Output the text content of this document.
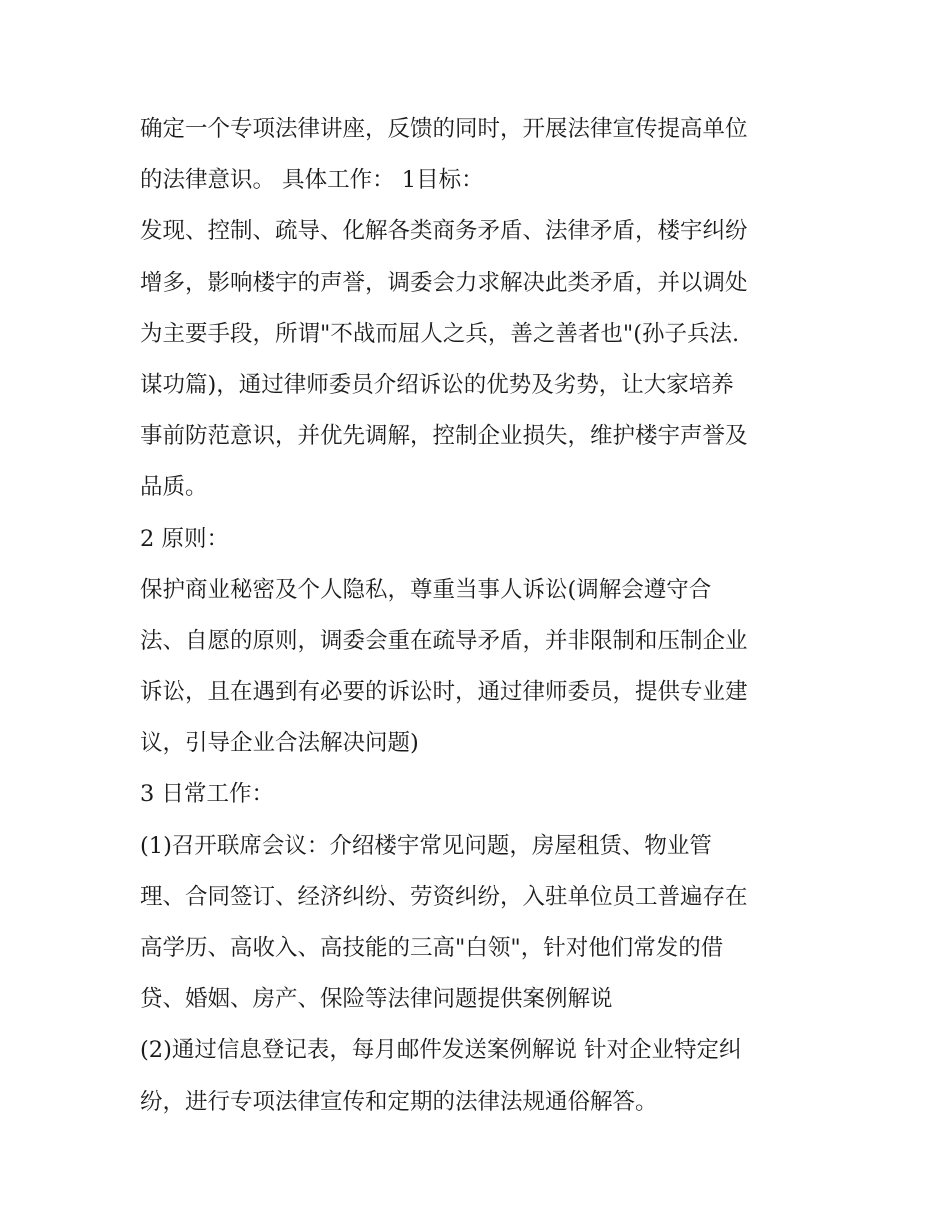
确定一个专项法律讲座，反馈的同时，开展法律宣传提高单位
的法律意识。 具体工作： 1目标：
发现、控制、疏导、化解各类商务矛盾、法律矛盾，楼宇纠纷
增多，影响楼宇的声誉，调委会力求解决此类矛盾，并以调处
为主要手段，所谓"不战而屈人之兵，善之善者也"(孙子兵法.
谋功篇)，通过律师委员介绍诉讼的优势及劣势，让大家培养
事前防范意识，并优先调解，控制企业损失，维护楼宇声誉及
品质。
2 原则：
保护商业秘密及个人隐私，尊重当事人诉讼(调解会遵守合
法、自愿的原则，调委会重在疏导矛盾，并非限制和压制企业
诉讼，且在遇到有必要的诉讼时，通过律师委员，提供专业建
议，引导企业合法解决问题)
3 日常工作：
(1)召开联席会议：介绍楼宇常见问题，房屋租赁、物业管
理、合同签订、经济纠纷、劳资纠纷，入驻单位员工普遍存在
高学历、高收入、高技能的三高"白领"，针对他们常发的借
贷、婚姻、房产、保险等法律问题提供案例解说
(2)通过信息登记表，每月邮件发送案例解说 针对企业特定纠
纷，进行专项法律宣传和定期的法律法规通俗解答。
